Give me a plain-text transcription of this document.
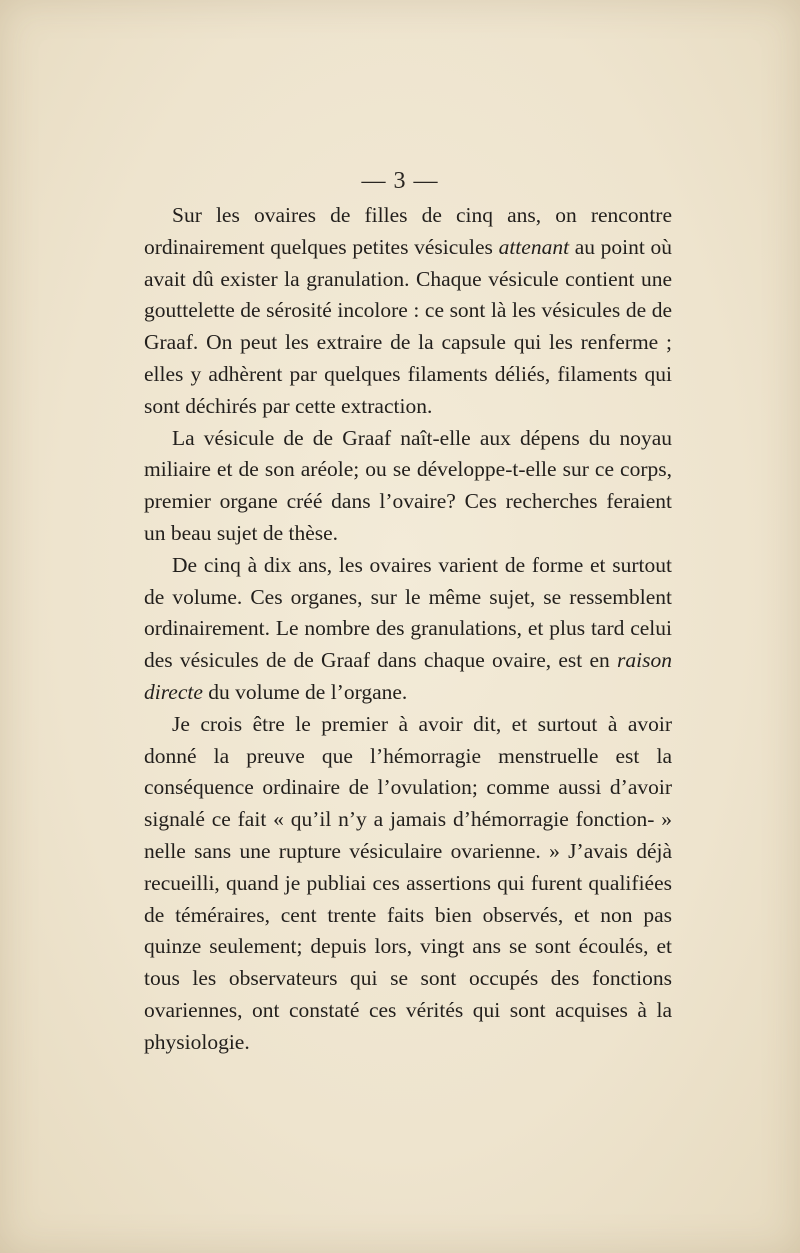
— 3 —

Sur les ovaires de filles de cinq ans, on rencontre ordinairement quelques petites vésicules attenant au point où avait dû exister la granulation. Chaque vésicule contient une gouttelette de sérosité incolore : ce sont là les vésicules de de Graaf. On peut les extraire de la capsule qui les renferme ; elles y adhèrent par quelques filaments déliés, filaments qui sont déchirés par cette extraction.

La vésicule de de Graaf naît-elle aux dépens du noyau miliaire et de son aréole; ou se développe-t-elle sur ce corps, premier organe créé dans l’ovaire? Ces recherches feraient un beau sujet de thèse.

De cinq à dix ans, les ovaires varient de forme et surtout de volume. Ces organes, sur le même sujet, se ressemblent ordinairement. Le nombre des granulations, et plus tard celui des vésicules de de Graaf dans chaque ovaire, est en raison directe du volume de l’organe.

Je crois être le premier à avoir dit, et surtout à avoir donné la preuve que l’hémorragie menstruelle est la conséquence ordinaire de l’ovulation; comme aussi d’avoir signalé ce fait « qu’il n’y a jamais d’hémorragie fonction- » nelle sans une rupture vésiculaire ovarienne. » J’avais déjà recueilli, quand je publiai ces assertions qui furent qualifiées de téméraires, cent trente faits bien observés, et non pas quinze seulement; depuis lors, vingt ans se sont écoulés, et tous les observateurs qui se sont occupés des fonctions ovariennes, ont constaté ces vérités qui sont acquises à la physiologie.
